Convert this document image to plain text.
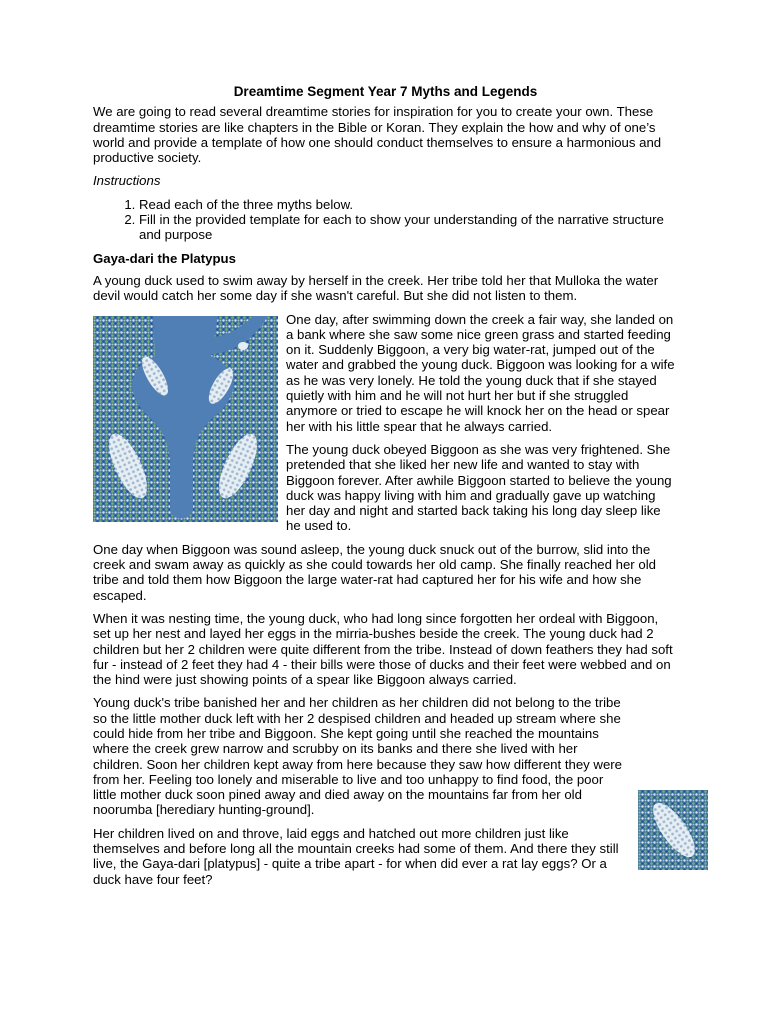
Dreamtime Segment Year 7 Myths and Legends

We are going to read several dreamtime stories for inspiration for you to create your own. These dreamtime stories are like chapters in the Bible or Koran. They explain the how and why of one’s world and provide a template of how one should conduct themselves to ensure a harmonious and productive society.

Instructions
1. Read each of the three myths below.
2. Fill in the provided template for each to show your understanding of the narrative structure and purpose
Gaya-dari the Platypus

A young duck used to swim away by herself in the creek. Her tribe told her that Mulloka the water devil would catch her some day if she wasn't careful. But she did not listen to them.

One day, after swimming down the creek a fair way, she landed on a bank where she saw some nice green grass and started feeding on it. Suddenly Biggoon, a very big water-rat, jumped out of the water and grabbed the young duck. Biggoon was looking for a wife as he was very lonely. He told the young duck that if she stayed quietly with him and he will not hurt her but if she struggled anymore or tried to escape he will knock her on the head or spear her with his little spear that he always carried.

The young duck obeyed Biggoon as she was very frightened. She pretended that she liked her new life and wanted to stay with Biggoon forever. After awhile Biggoon started to believe the young duck was happy living with him and gradually gave up watching her day and night and started back taking his long day sleep like he used to.

One day when Biggoon was sound asleep, the young duck snuck out of the burrow, slid into the creek and swam away as quickly as she could towards her old camp. She finally reached her old tribe and told them how Biggoon the large water-rat had captured her for his wife and how she escaped.

When it was nesting time, the young duck, who had long since forgotten her ordeal with Biggoon, set up her nest and layed her eggs in the mirria-bushes beside the creek. The young duck had 2 children but her 2 children were quite different from the tribe. Instead of down feathers they had soft fur - instead of 2 feet they had 4 - their bills were those of ducks and their feet were webbed and on the hind were just showing points of a spear like Biggoon always carried.

Young duck's tribe banished her and her children as her children did not belong to the tribe so the little mother duck left with her 2 despised children and headed up stream where she could hide from her tribe and Biggoon. She kept going until she reached the mountains where the creek grew narrow and scrubby on its banks and there she lived with her children. Soon her children kept away from here because they saw how different they were from her. Feeling too lonely and miserable to live and too unhappy to find food, the poor little mother duck soon pined away and died away on the mountains far from her old noorumba [herediary hunting-ground].

Her children lived on and throve, laid eggs and hatched out more children just like themselves and before long all the mountain creeks had some of them. And there they still live, the Gaya-dari [platypus] - quite a tribe apart - for when did ever a rat lay eggs? Or a duck have four feet?
